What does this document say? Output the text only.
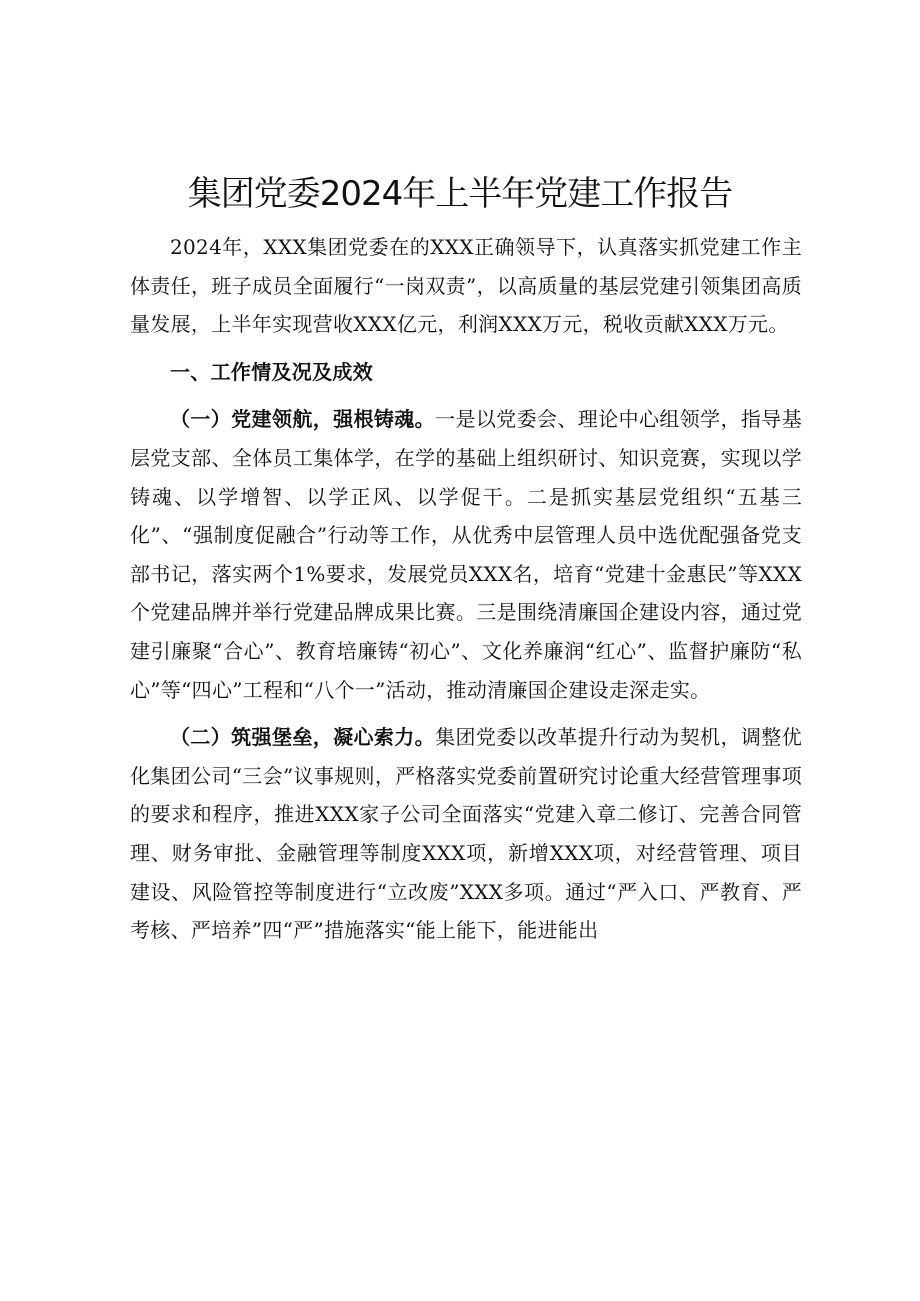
集团党委2024年上半年党建工作报告

2024年，XXX集团党委在的XXX正确领导下，认真落实抓党建工作主体责任，班子成员全面履行“一岗双责”，以高质量的基层党建引领集团高质量发展，上半年实现营收XXX亿元，利润XXX万元，税收贡献XXX万元。

一、工作情及况及成效

（一）党建领航，强根铸魂。一是以党委会、理论中心组领学，指导基层党支部、全体员工集体学，在学的基础上组织研讨、知识竞赛，实现以学铸魂、以学增智、以学正风、以学促干。二是抓实基层党组织“五基三化”、“强制度促融合”行动等工作，从优秀中层管理人员中选优配强备党支部书记，落实两个1%要求，发展党员XXX名，培育“党建十金惠民”等XXX个党建品牌并举行党建品牌成果比赛。三是围绕清廉国企建设内容，通过党建引廉聚“合心”、教育培廉铸“初心”、文化养廉润“红心”、监督护廉防“私心”等“四心”工程和“八个一”活动，推动清廉国企建设走深走实。

（二）筑强堡垒，凝心索力。集团党委以改革提升行动为契机，调整优化集团公司“三会”议事规则，严格落实党委前置研究讨论重大经营管理事项的要求和程序，推进XXX家子公司全面落实“党建入章二修订、完善合同管理、财务审批、金融管理等制度XXX项，新增XXX项，对经营管理、项目建设、风险管控等制度进行“立改废”XXX多项。通过“严入口、严教育、严考核、严培养”四“严”措施落实“能上能下，能进能出
